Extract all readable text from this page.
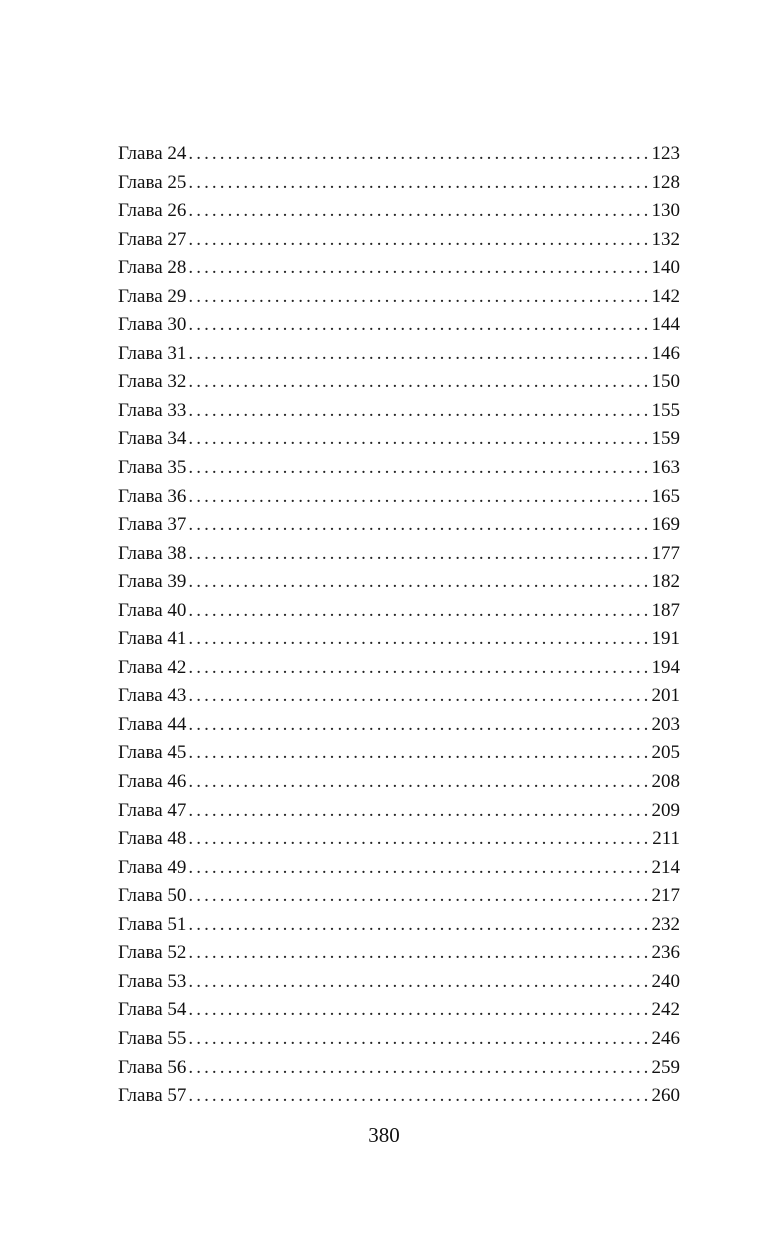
Глава 24 .....	123
Глава 25 .....	128
Глава 26 .....	130
Глава 27 .....	132
Глава 28 .....	140
Глава 29 .....	142
Глава 30 .....	144
Глава 31 .....	146
Глава 32 .....	150
Глава 33 .....	155
Глава 34 .....	159
Глава 35 .....	163
Глава 36 .....	165
Глава 37 .....	169
Глава 38 .....	177
Глава 39 .....	182
Глава 40 .....	187
Глава 41 .....	191
Глава 42 .....	194
Глава 43 .....	201
Глава 44 .....	203
Глава 45 .....	205
Глава 46 .....	208
Глава 47 .....	209
Глава 48 .....	211
Глава 49 .....	214
Глава 50 .....	217
Глава 51 .....	232
Глава 52 .....	236
Глава 53 .....	240
Глава 54 .....	242
Глава 55 .....	246
Глава 56 .....	259
Глава 57 .....	260
380
